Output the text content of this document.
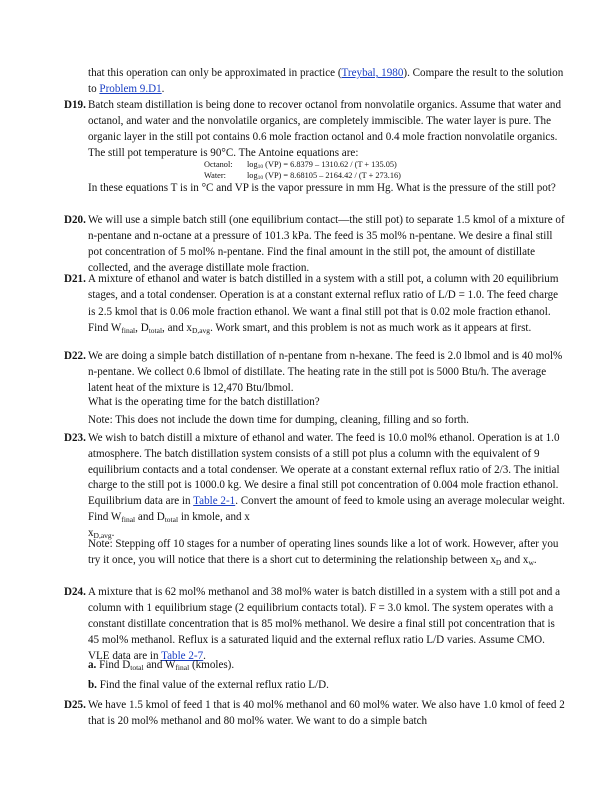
that this operation can only be approximated in practice (Treybal, 1980). Compare the result to the solution to Problem 9.D1.

D19. Batch steam distillation is being done to recover octanol from nonvolatile organics. Assume that water and octanol, and water and the nonvolatile organics, are completely immiscible. The water layer is pure. The organic layer in the still pot contains 0.6 mole fraction octanol and 0.4 mole fraction nonvolatile organics. The still pot temperature is 90°C. The Antoine equations are:

Octanol: $\log_{10} (VP) = 6.8379 - 1310.62 / (T + 135.05)$
Water:	$\log_{10} (VP) = 8.68105 - 2164.42 / (T + 273.16)$

In these equations T is in °C and VP is the vapor pressure in mm Hg. What is the pressure of the still pot?

D20. We will use a simple batch still (one equilibrium contact—the still pot) to separate 1.5 kmol of a mixture of n-pentane and n-octane at a pressure of 101.3 kPa. The feed is 35 mol% n-pentane. We desire a final still pot concentration of 5 mol% n-pentane. Find the final amount in the still pot, the amount of distillate collected, and the average distillate mole fraction.

D21. A mixture of ethanol and water is batch distilled in a system with a still pot, a column with 20 equilibrium stages, and a total condenser. Operation is at a constant external reflux ratio of L/D = 1.0. The feed charge is 2.5 kmol that is 0.06 mole fraction ethanol. We want a final still pot that is 0.02 mole fraction ethanol. Find $W_{final}$, $D_{total}$, and $x_{D,avg}$. Work smart, and this problem is not as much work as it appears at first.

D22. We are doing a simple batch distillation of n-pentane from n-hexane. The feed is 2.0 lbmol and is 40 mol% n-pentane. We collect 0.6 lbmol of distillate. The heating rate in the still pot is 5000 Btu/h. The average latent heat of the mixture is 12,470 Btu/lbmol.

What is the operating time for the batch distillation?

Note: This does not include the down time for dumping, cleaning, filling and so forth.

D23. We wish to batch distill a mixture of ethanol and water. The feed is 10.0 mol% ethanol. Operation is at 1.0 atmosphere. The batch distillation system consists of a still pot plus a column with the equivalent of 9 equilibrium contacts and a total condenser. We operate at a constant external reflux ratio of 2/3. The initial charge to the still pot is 1000.0 kg. We desire a final still pot concentration of 0.004 mole fraction ethanol. Equilibrium data are in Table 2-1. Convert the amount of feed to kmole using an average molecular weight. Find $W_{final}$ and $D_{total}$ in kmole, and x
$x_{D,avg}$.

Note: Stepping off 10 stages for a number of operating lines sounds like a lot of work. However, after you try it once, you will notice that there is a short cut to determining the relationship between $x_D$ and $x_w$.

D24. A mixture that is 62 mol% methanol and 38 mol% water is batch distilled in a system with a still pot and a column with 1 equilibrium stage (2 equilibrium contacts total). F = 3.0 kmol. The system operates with a constant distillate concentration that is 85 mol% methanol. We desire a final still pot concentration that is 45 mol% methanol. Reflux is a saturated liquid and the external reflux ratio L/D varies. Assume CMO. VLE data are in Table 2-7.

a. Find $D_{total}$ and $W_{final}$ (kmoles).

b. Find the final value of the external reflux ratio L/D.

D25. We have 1.5 kmol of feed 1 that is 40 mol% methanol and 60 mol% water. We also have 1.0 kmol of feed 2 that is 20 mol% methanol and 80 mol% water. We want to do a simple batch
